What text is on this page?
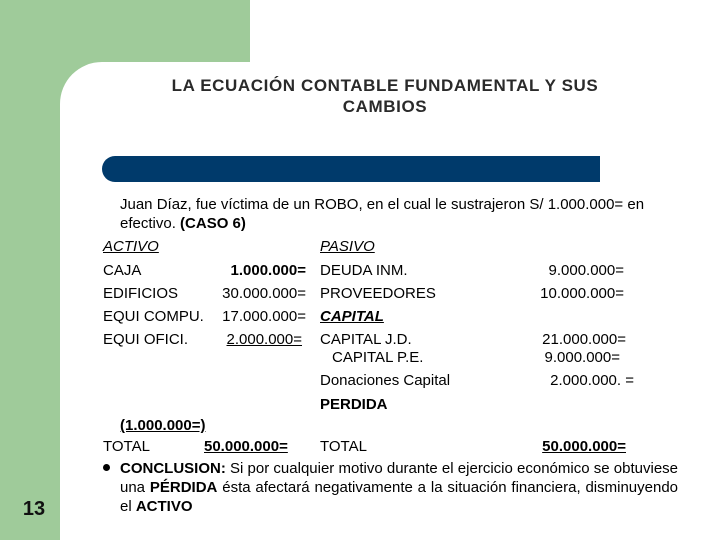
LA ECUACIÓN CONTABLE FUNDAMENTAL Y SUS
CAMBIOS
Juan Díaz, fue víctima de un ROBO, en el cual le sustrajeron S/ 1.000.000= en
efectivo. (CASO 6)
ACTIVO	PASIVO
CAJA	1.000.000= DEUDA INM.	9.000.000=
EDIFICIOS	30.000.000= PROVEEDORES	10.000.000=
EQUI COMPU.	17.000.000= CAPITAL
EQUI OFICI.	2.000.000= CAPITAL J.D.	21.000.000=
CAPITAL P.E.	9.000.000=
Donaciones Capital	2.000.000. =
PERDIDA
(1.000.000=)
TOTAL	50.000.000= TOTAL	50.000.000=
CONCLUSION: Si por cualquier motivo durante el ejercicio económico se obtuviese una PÉRDIDA ésta afectará negativamente a la situación financiera, disminuyendo el ACTIVO
13
